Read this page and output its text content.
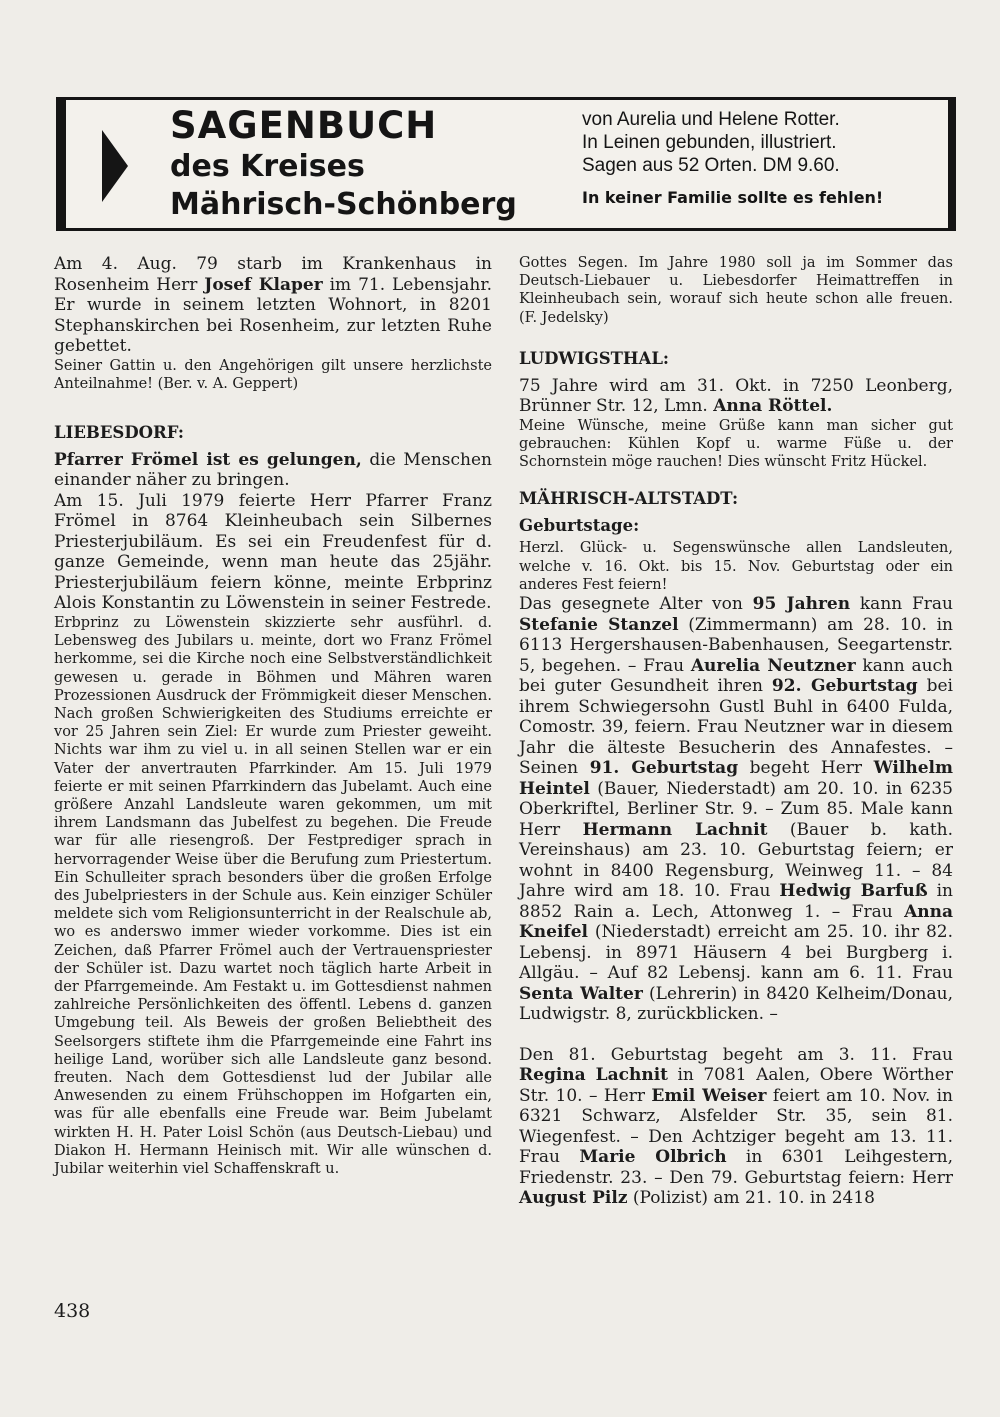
SAGENBUCH
des Kreises
Mährisch-Schönberg
von Aurelia und Helene Rotter.
In Leinen gebunden, illustriert.
Sagen aus 52 Orten. DM 9.60.
In keiner Familie sollte es fehlen!

Am 4. Aug. 79 starb im Krankenhaus in Rosenheim Herr Josef Klaper im 71. Lebensjahr. Er wurde in seinem letzten Wohnort, in 8201 Stephanskirchen bei Rosenheim, zur letzten Ruhe gebettet.

Seiner Gattin u. den Angehörigen gilt unsere herzlichste Anteilnahme! (Ber. v. A. Geppert)

LIEBESDORF:

Pfarrer Frömel ist es gelungen, die Menschen einander näher zu bringen.

Am 15. Juli 1979 feierte Herr Pfarrer Franz Frömel in 8764 Kleinheubach sein Silbernes Priesterjubiläum. Es sei ein Freudenfest für d. ganze Gemeinde, wenn man heute das 25jähr. Priesterjubiläum feiern könne, meinte Erbprinz Alois Konstantin zu Löwenstein in seiner Festrede.

Erbprinz zu Löwenstein skizzierte sehr ausführl. d. Lebensweg des Jubilars u. meinte, dort wo Franz Frömel herkomme, sei die Kirche noch eine Selbstverständlichkeit gewesen u. gerade in Böhmen und Mähren waren Prozessionen Ausdruck der Frömmigkeit dieser Menschen. Nach großen Schwierigkeiten des Studiums erreichte er vor 25 Jahren sein Ziel: Er wurde zum Priester geweiht. Nichts war ihm zu viel u. in all seinen Stellen war er ein Vater der anvertrauten Pfarrkinder. Am 15. Juli 1979 feierte er mit seinen Pfarrkindern das Jubelamt. Auch eine größere Anzahl Landsleute waren gekommen, um mit ihrem Landsmann das Jubelfest zu begehen. Die Freude war für alle riesengroß. Der Festprediger sprach in hervorragender Weise über die Berufung zum Priestertum. Ein Schulleiter sprach besonders über die großen Erfolge des Jubelpriesters in der Schule aus. Kein einziger Schüler meldete sich vom Religionsunterricht in der Realschule ab, wo es anderswo immer wieder vorkomme. Dies ist ein Zeichen, daß Pfarrer Frömel auch der Vertrauenspriester der Schüler ist. Dazu wartet noch täglich harte Arbeit in der Pfarrgemeinde. Am Festakt u. im Gottesdienst nahmen zahlreiche Persönlichkeiten des öffentl. Lebens d. ganzen Umgebung teil. Als Beweis der großen Beliebtheit des Seelsorgers stiftete ihm die Pfarrgemeinde eine Fahrt ins heilige Land, worüber sich alle Landsleute ganz besond. freuten. Nach dem Gottesdienst lud der Jubilar alle Anwesenden zu einem Frühschoppen im Hofgarten ein, was für alle ebenfalls eine Freude war. Beim Jubelamt wirkten H. H. Pater Loisl Schön (aus Deutsch-Liebau) und Diakon H. Hermann Heinisch mit. Wir alle wünschen d. Jubilar weiterhin viel Schaffenskraft u.

Gottes Segen. Im Jahre 1980 soll ja im Sommer das Deutsch-Liebauer u. Liebesdorfer Heimattreffen in Kleinheubach sein, worauf sich heute schon alle freuen. (F. Jedelsky)

LUDWIGSTHAL:

75 Jahre wird am 31. Okt. in 7250 Leonberg, Brünner Str. 12, Lmn. Anna Röttel.

Meine Wünsche, meine Grüße kann man sicher gut gebrauchen: Kühlen Kopf u. warme Füße u. der Schornstein möge rauchen! Dies wünscht Fritz Hückel.

MÄHRISCH-ALTSTADT:

Geburtstage:

Herzl. Glück- u. Segenswünsche allen Landsleuten, welche v. 16. Okt. bis 15. Nov. Geburtstag oder ein anderes Fest feiern!

Das gesegnete Alter von 95 Jahren kann Frau Stefanie Stanzel (Zimmermann) am 28. 10. in 6113 Hergershausen-Babenhausen, Seegartenstr. 5, begehen. – Frau Aurelia Neutzner kann auch bei guter Gesundheit ihren 92. Geburtstag bei ihrem Schwiegersohn Gustl Buhl in 6400 Fulda, Comostr. 39, feiern. Frau Neutzner war in diesem Jahr die älteste Besucherin des Annafestes. – Seinen 91. Geburtstag begeht Herr Wilhelm Heintel (Bauer, Niederstadt) am 20. 10. in 6235 Oberkriftel, Berliner Str. 9. – Zum 85. Male kann Herr Hermann Lachnit (Bauer b. kath. Vereinshaus) am 23. 10. Geburtstag feiern; er wohnt in 8400 Regensburg, Weinweg 11. – 84 Jahre wird am 18. 10. Frau Hedwig Barfuß in 8852 Rain a. Lech, Attonweg 1. – Frau Anna Kneifel (Niederstadt) erreicht am 25. 10. ihr 82. Lebensj. in 8971 Häusern 4 bei Burgberg i. Allgäu. – Auf 82 Lebensj. kann am 6. 11. Frau Senta Walter (Lehrerin) in 8420 Kelheim/Donau, Ludwigstr. 8, zurückblicken. –

Den 81. Geburtstag begeht am 3. 11. Frau Regina Lachnit in 7081 Aalen, Obere Wörther Str. 10. – Herr Emil Weiser feiert am 10. Nov. in 6321 Schwarz, Alsfelder Str. 35, sein 81. Wiegenfest. – Den Achtziger begeht am 13. 11. Frau Marie Olbrich in 6301 Leihgestern, Friedenstr. 23. – Den 79. Geburtstag feiern: Herr August Pilz (Polizist) am 21. 10. in 2418

438
